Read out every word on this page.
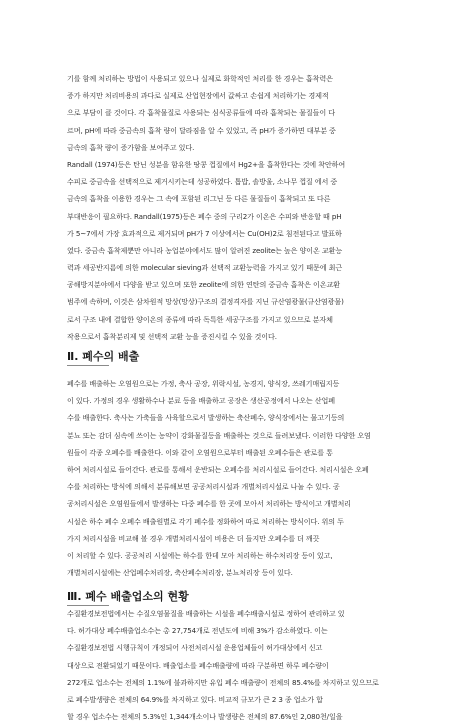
기를 함께 처리하는 방법이 사용되고 있으나 실제로 화학적인 처리를 한 경우는 흡착력은

증가 하지만 처리비용의 과다로 실제로 산업현장에서 값싸고 손쉽게 처리하기는 경제적

으로 부담이 클 것이다. 각 흡착물질로 사용되는 심식공류들에 따라 흡착되는 물질들이 다

르며, pH에 따라 중금속의 흡착 량이 달라짐을 알 수 있었고, 즉 pH가 증가하면 대부분 중

금속의 흡착 량이 증가함을 보여주고 있다.

Randall (1974)등은 탄닌 성분을 함유한 땅콩 껍질에서 Hg2+을 흡착한다는 것에 착안하여

수피로 중금속을 선택적으로 제거시키는데 성공하였다. 톱밥, 솔방울, 소나무 껍질 에서 중

금속의 흡착을 이용한 경우는 그 속에 포함된 리그닌 등 다른 물질들이 흡착되고 또 다른

부대반응이 필요하다. Randall(1975)등은 폐수 중의 구리2가 이온은 수피와 반응할 때 pH

가 5~7에서 가장 효과적으로 제거되며 pH가 7 이상에서는 Cu(OH)2로 침전된다고 발표하

였다. 중금속 흡착제뿐만 아니라 농업분야에서도 많이 알려진 zeolite는 높은 양이온 교환능

력과 세공반지름에 의한 molecular sieving과 선택적 교환능력을 가지고 있기 때문에 최근

공해방지분야에서 다양을 받고 있으며 또한 zeolite에 의한 연탄의 중금속 흡착은 이온교환

범주에 속하며, 이것은 삼차원적 망상(망상)구조의 결정격자를 지닌 규산염광물(규산염광물)

로서 구조 내에 결합한 양이온의 종류에 따라 독특한 세공구조를 가지고 있으므로 분자체

작용으로서 흡착분리제 및 선택적 교환 능을 증진시킬 수 있을 것이다.

Ⅱ. 폐수의 배출

폐수를 배출하는 오염원으로는 가정, 축사 공장, 위락시설, 농경지, 양식장, 쓰레기매립지등

이 있다. 가정의 경우 생활하수나 분료 등을 배출하고 공장은 생산공정에서 나오는 산업폐

수를 배출한다. 축사는 가축들을 사육할으로서 발생하는 축산폐수, 양식장에서는 물고기등의

분뇨 또는 감더 심속에 쓰이는 농약이 강화물질등을 배출하는 것으로 들려보냈다. 이러한 다양한 오염

원들이 각종 오폐수를 배출한다. 이와 같이 오염원으로부터 배출된 오폐수들은 관로를 통

하여 처리시설로 들어간다. 관로를 통해서 운반되는 오폐수를 처리시설로 들어간다. 처리시설은 오폐

수를 처리하는 방식에 의해서 분류해보면 공공처리시설과 개별처리시설로 나눌 수 있다. 공

공처리시설은 오염원들에서 발생하는 다중 폐수를 한 곳에 모아서 처리하는 방식이고 개별처리

시설은 하수 폐수 오폐수 배출원별로 각기 폐수를 정화하여 따로 처리하는 방식이다. 위의 두

가지 처리시설을 비교해 볼 경우 개별처리시설이 비용은 더 들지만 오폐수를 더 깨끗

이 처리할 수 있다. 공공처리 시설에는 하수를 한데 모아 처리하는 하수처리장 등이 있고,

개별처리시설에는 산업폐수처리장, 축산폐수처리장, 분뇨처리장 등이 있다.

Ⅲ. 폐수 배출업소의 현황

수질환경보전법에서는 수질오염물질을 배출하는 시설을 폐수배출시설로 정하여 관리하고 있

다. 허가대상 폐수배출업소수는 총 27,754개로 전년도에 비해 3%가 감소하였다. 이는

수질환경보전법 시행규칙이 개정되어 사전처리시설 운용업체들이 허가대상에서 신고

대상으로 전환되었기 때문이다. 배출업소를 폐수배출량에 따라 구분하면 하루 폐수량이

272개로 업소수는 전체의 1.1%에 불과하지만 유입 폐수 배출량이 전체의 85.4%를 차지하고 있으므로

로 폐수발생량은 전체의 64.9%를 차지하고 있다. 비교적 규모가 큰 2 3 종 업소가 합

할 경우 업소수는 전체의 5.3%인 1,344개소이나 발생량은 전체의 87.6%인 2,080천/일을
